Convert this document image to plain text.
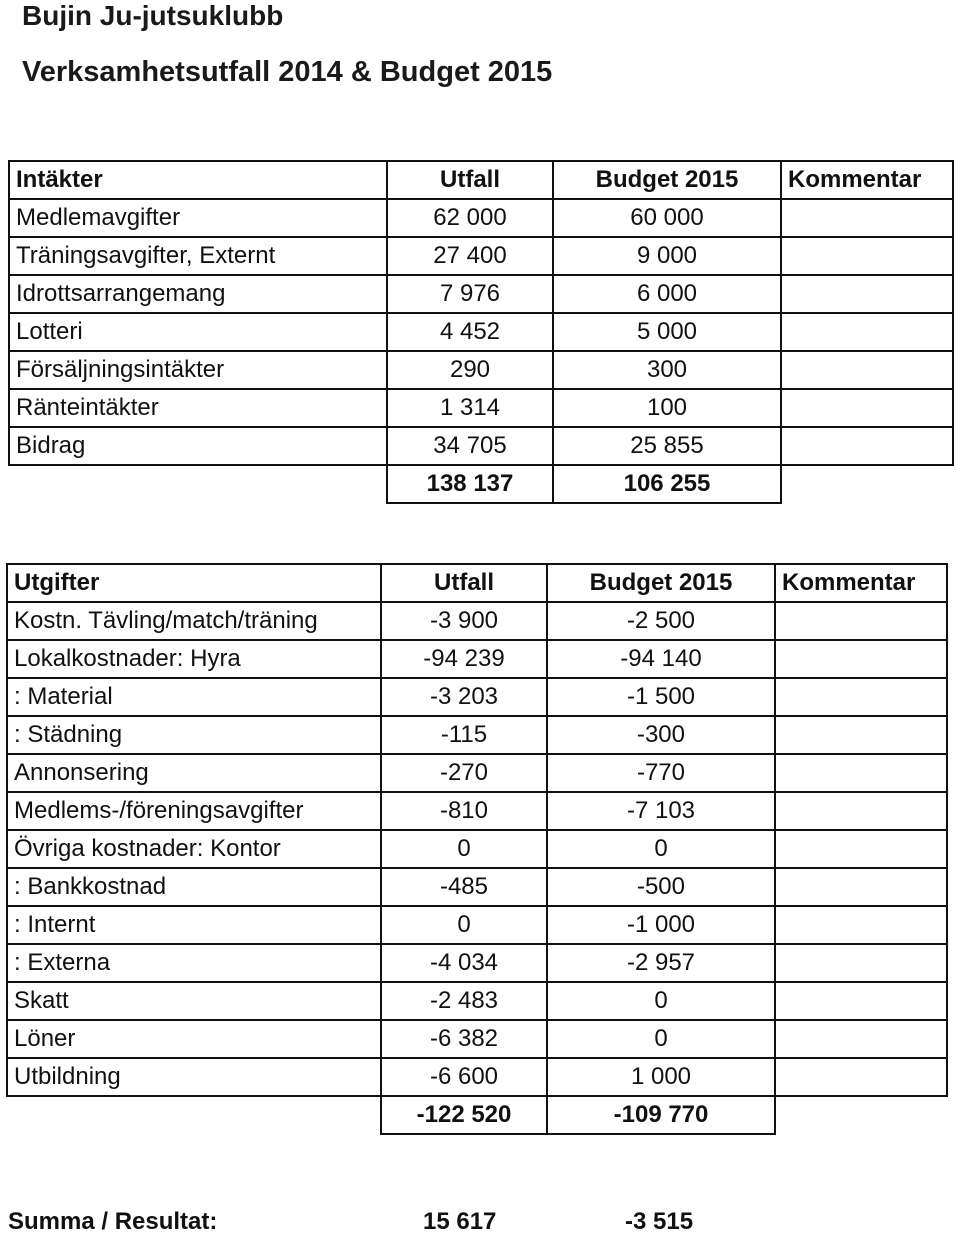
Bujin Ju-jutsuklubb
Verksamhetsutfall 2014 & Budget 2015
Intäkter	Utfall	Budget 2015	Kommentar
Medlemavgifter	62 000	60 000	
Träningsavgifter, Externt	27 400	9 000	
Idrottsarrangemang	7 976	6 000	
Lotteri	4 452	5 000	
Försäljningsintäkter	290	300	
Ränteintäkter	1 314	100	
Bidrag	34 705	25 855	
	138 137	106 255	
Utgifter	Utfall	Budget 2015	Kommentar
Kostn. Tävling/match/träning	-3 900	-2 500	
Lokalkostnader: Hyra	-94 239	-94 140	
: Material	-3 203	-1 500	
: Städning	-115	-300	
Annonsering	-270	-770	
Medlems-/föreningsavgifter	-810	-7 103	
Övriga kostnader: Kontor	0	0	
: Bankkostnad	-485	-500	
: Internt	0	-1 000	
: Externa	-4 034	-2 957	
Skatt	-2 483	0	
Löner	-6 382	0	
Utbildning	-6 600	1 000	
	-122 520	-109 770	
Summa / Resultat:	15 617	-3 515
